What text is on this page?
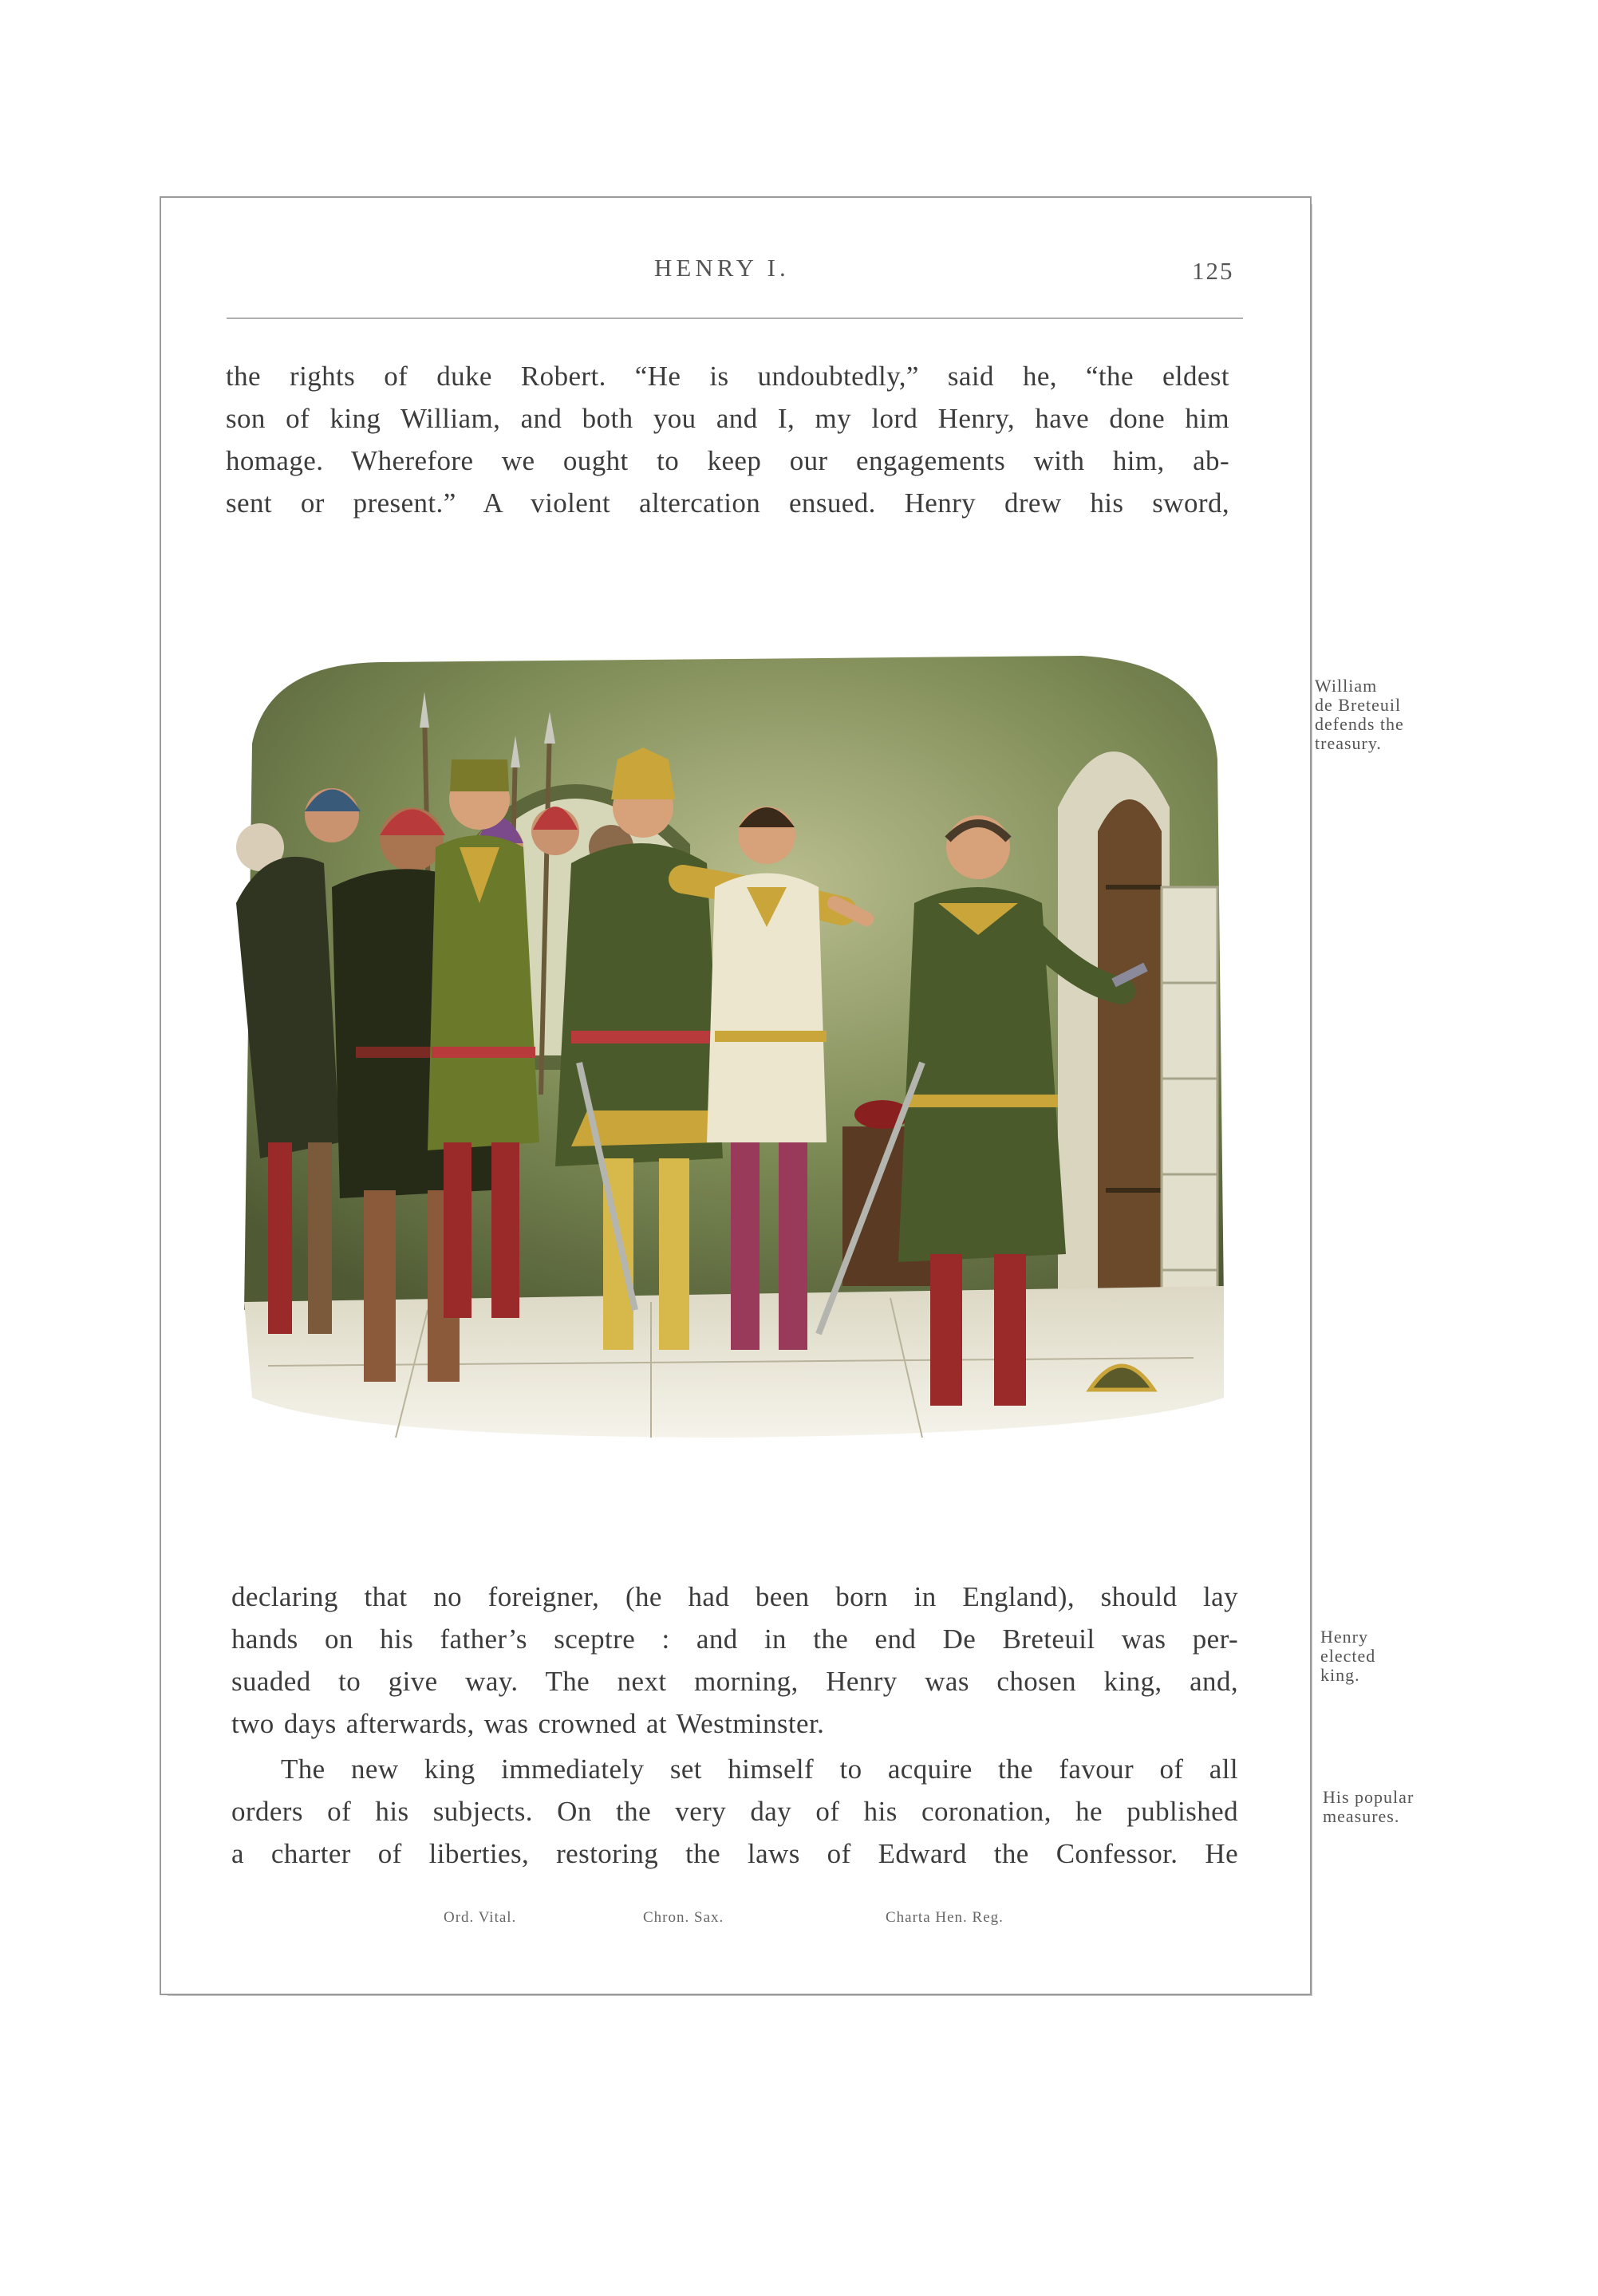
HENRY I.	125
the rights of duke Robert. “He is undoubtedly,” said he, “the eldest
son of king William, and both you and I, my lord Henry, have done him
homage. Wherefore we ought to keep our engagements with him, ab-
sent or present.” A violent altercation ensued. Henry drew his sword,
William
de Breteuil
defends the
treasury.
declaring that no foreigner, (he had been born in England), should lay
hands on his father’s sceptre : and in the end De Breteuil was per-
suaded to give way. The next morning, Henry was chosen king, and,
two days afterwards, was crowned at Westminster.
Henry
elected
king.
The new king immediately set himself to acquire the favour of all
orders of his subjects. On the very day of his coronation, he published
a charter of liberties, restoring the laws of Edward the Confessor. He
His popular
measures.
Ord. Vital.	Chron. Sax.	Charta Hen. Reg.
